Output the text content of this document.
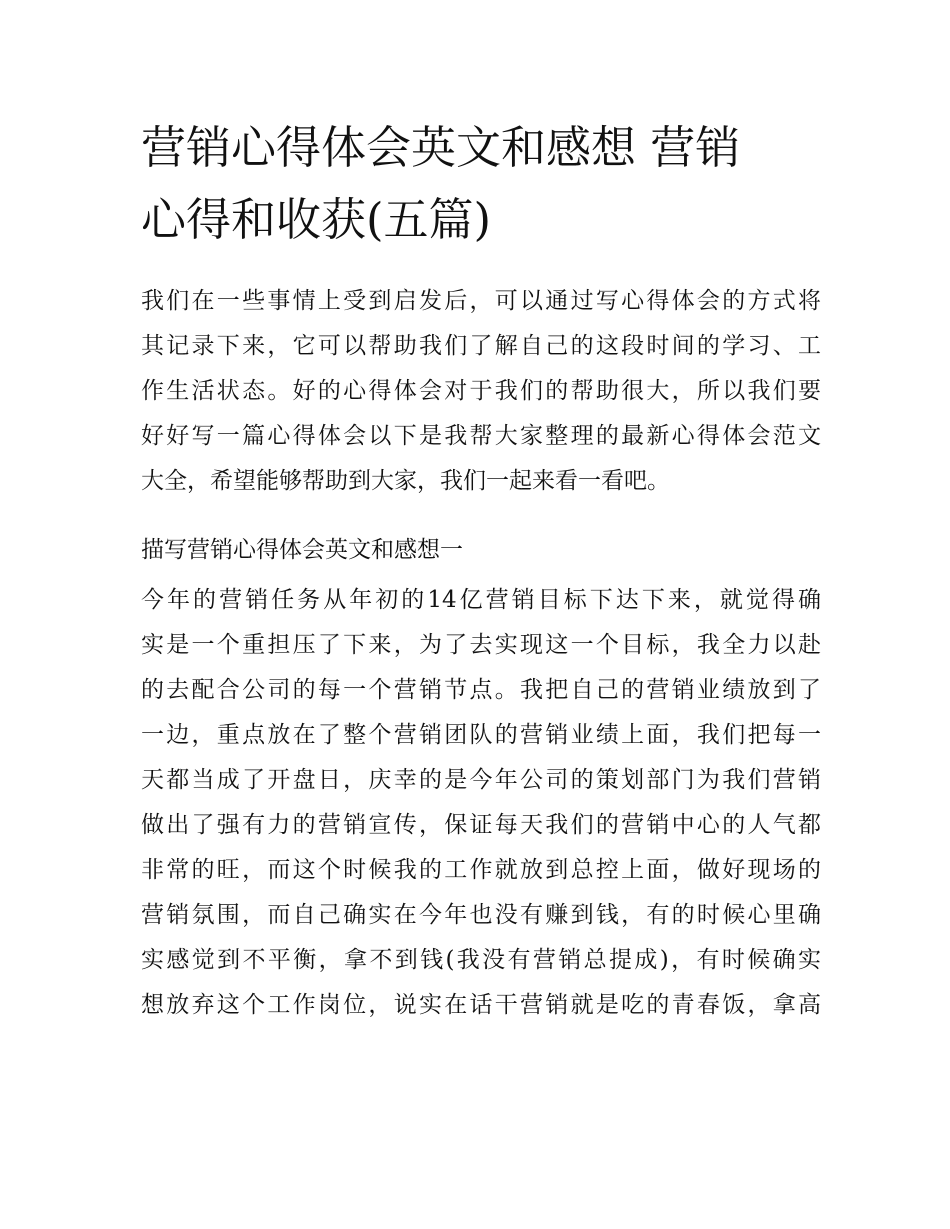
营销心得体会英文和感想 营销
心得和收获(五篇)
我们在一些事情上受到启发后，可以通过写心得体会的方式将
其记录下来，它可以帮助我们了解自己的这段时间的学习、工
作生活状态。好的心得体会对于我们的帮助很大，所以我们要
好好写一篇心得体会以下是我帮大家整理的最新心得体会范文
大全，希望能够帮助到大家，我们一起来看一看吧。
描写营销心得体会英文和感想一
今年的营销任务从年初的14亿营销目标下达下来，就觉得确
实是一个重担压了下来，为了去实现这一个目标，我全力以赴
的去配合公司的每一个营销节点。我把自己的营销业绩放到了
一边，重点放在了整个营销团队的营销业绩上面，我们把每一
天都当成了开盘日，庆幸的是今年公司的策划部门为我们营销
做出了强有力的营销宣传，保证每天我们的营销中心的人气都
非常的旺，而这个时候我的工作就放到总控上面，做好现场的
营销氛围，而自己确实在今年也没有赚到钱，有的时候心里确
实感觉到不平衡，拿不到钱(我没有营销总提成)，有时候确实
想放弃这个工作岗位，说实在话干营销就是吃的青春饭，拿高
